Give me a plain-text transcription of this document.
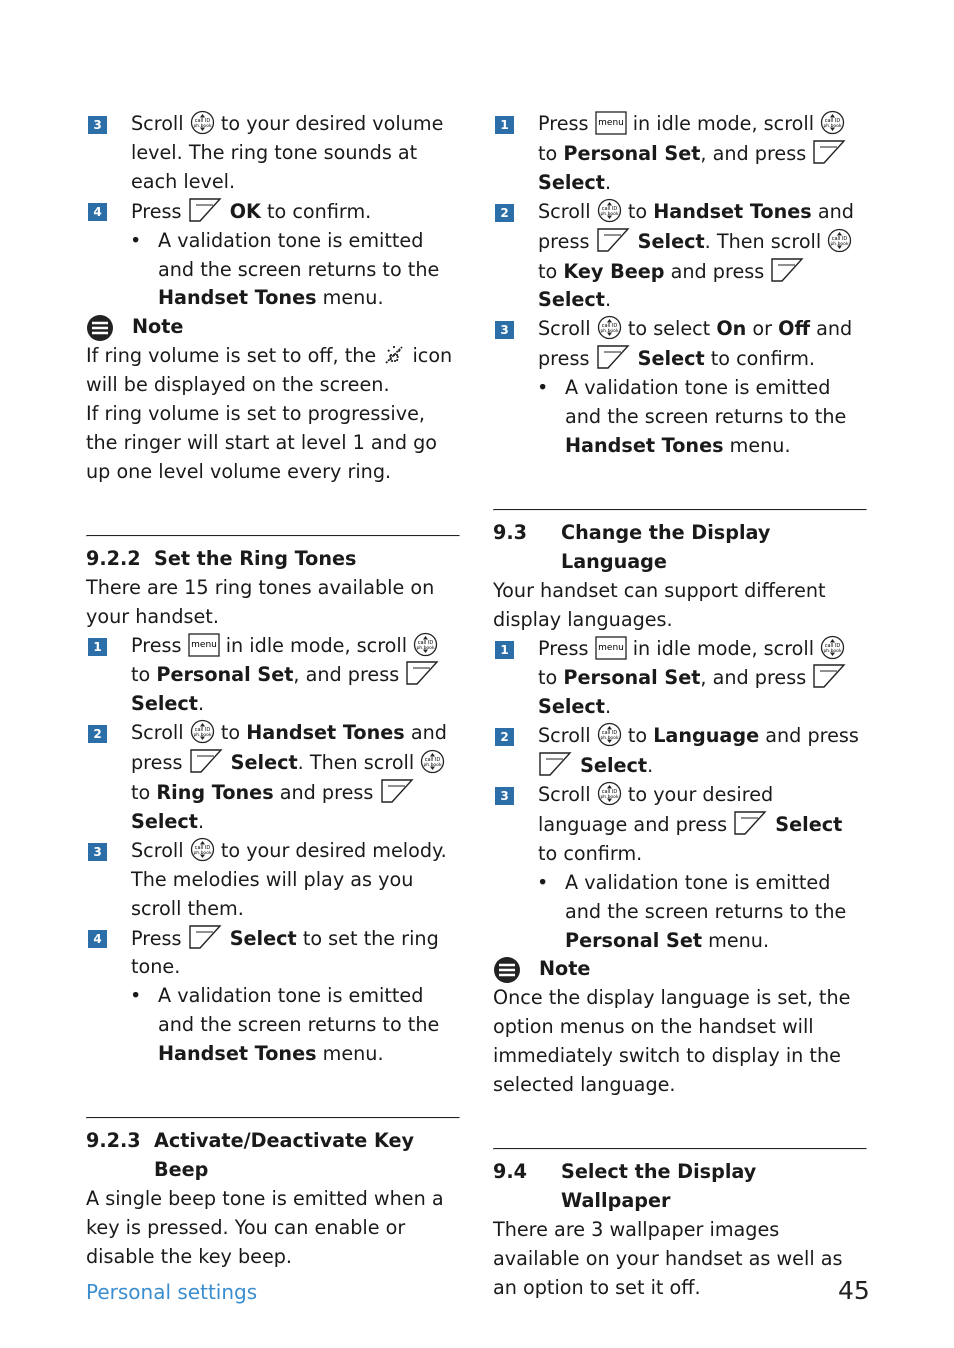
3 Scroll call ID
ph.book to your desired volume level. The ring tone sounds at each level.
4 Press	OK to confirm.
• A validation tone is emitted and the screen returns to the
Handset Tones menu.
Note
If ring volume is set to off, the icon will be displayed on the screen.
If ring volume is set to progressive, the ringer will start at level 1 and go up one level volume every ring.
9.2.2 Set the Ring Tones
There are 15 ring tones available on your handset.
1 Press menu in idle mode, scroll call ID
ph.book
to Personal Set, and press
Select.
2 Scroll call ID
ph.book to Handset Tones and press	Select. Then scroll call ID
ph.book
to Ring Tones and press  Select.
3 Scroll call ID
ph.book to your desired melody. The melodies will play as you scroll them.
4 Press	Select to set the ring tone.
• A validation tone is emitted and the screen returns to the
Handset Tones menu.
9.2.3 Activate/Deactivate Key Beep
A single beep tone is emitted when a key is pressed. You can enable or disable the key beep.
1 Press menu in idle mode, scroll call ID
ph.book
to Personal Set, and press
Select.
2 Scroll call ID
ph.book to Handset Tones and press	Select. Then scroll call ID
ph.book
to Key Beep and press  Select.
3 Scroll call ID
ph.book to select On or Off and press	Select to confirm.
• A validation tone is emitted and the screen returns to the
Handset Tones menu.
9.3 Change the Display Language
Your handset can support different display languages.
1 Press menu in idle mode, scroll call ID
ph.book
to Personal Set, and press
Select.
2 Scroll call ID
ph.book to Language and press
Select.
3 Scroll call ID
ph.book to your desired language and press	Select to confirm.
• A validation tone is emitted and the screen returns to the
Personal Set menu.
Note
Once the display language is set, the option menus on the handset will immediately switch to display in the selected language.
9.4 Select the Display Wallpaper
There are 3 wallpaper images available on your handset as well as an option to set it off.
Personal settings	45
